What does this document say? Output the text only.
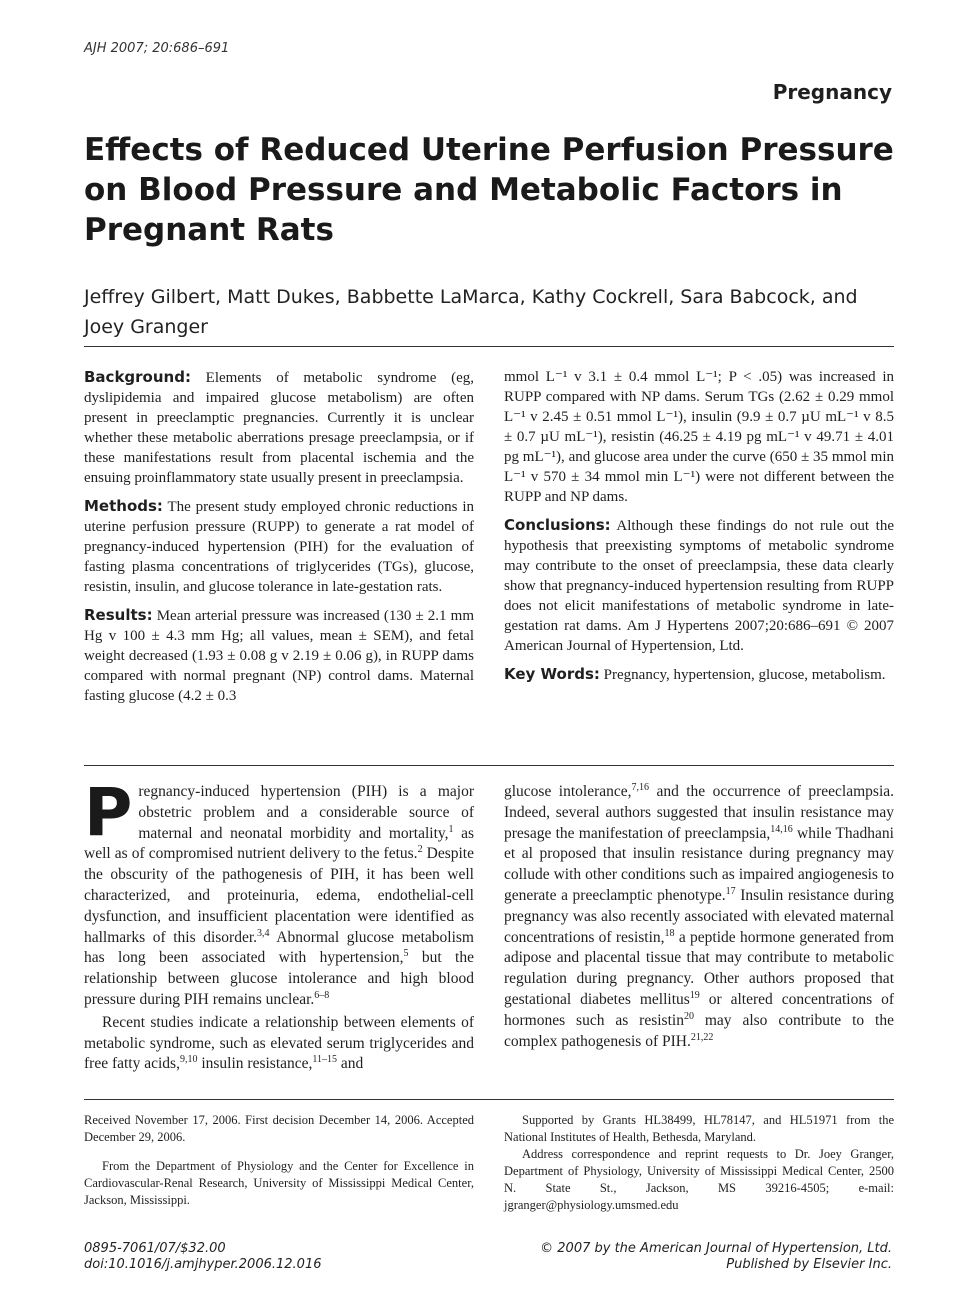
AJH 2007; 20:686–691
Pregnancy
Effects of Reduced Uterine Perfusion Pressure on Blood Pressure and Metabolic Factors in Pregnant Rats
Jeffrey Gilbert, Matt Dukes, Babbette LaMarca, Kathy Cockrell, Sara Babcock, and Joey Granger

Background: Elements of metabolic syndrome (eg, dyslipidemia and impaired glucose metabolism) are often present in preeclamptic pregnancies. Currently it is unclear whether these metabolic aberrations presage preeclampsia, or if these manifestations result from placental ischemia and the ensuing proinflammatory state usually present in preeclampsia.

Methods: The present study employed chronic reductions in uterine perfusion pressure (RUPP) to generate a rat model of pregnancy-induced hypertension (PIH) for the evaluation of fasting plasma concentrations of triglycerides (TGs), glucose, resistin, insulin, and glucose tolerance in late-gestation rats.

Results: Mean arterial pressure was increased (130 ± 2.1 mm Hg v 100 ± 4.3 mm Hg; all values, mean ± SEM), and fetal weight decreased (1.93 ± 0.08 g v 2.19 ± 0.06 g), in RUPP dams compared with normal pregnant (NP) control dams. Maternal fasting glucose (4.2 ± 0.3

mmol L⁻¹ v 3.1 ± 0.4 mmol L⁻¹; P < .05) was increased in RUPP compared with NP dams. Serum TGs (2.62 ± 0.29 mmol L⁻¹ v 2.45 ± 0.51 mmol L⁻¹), insulin (9.9 ± 0.7 µU mL⁻¹ v 8.5 ± 0.7 µU mL⁻¹), resistin (46.25 ± 4.19 pg mL⁻¹ v 49.71 ± 4.01 pg mL⁻¹), and glucose area under the curve (650 ± 35 mmol min L⁻¹ v 570 ± 34 mmol min L⁻¹) were not different between the RUPP and NP dams.

Conclusions: Although these findings do not rule out the hypothesis that preexisting symptoms of metabolic syndrome may contribute to the onset of preeclampsia, these data clearly show that pregnancy-induced hypertension resulting from RUPP does not elicit manifestations of metabolic syndrome in late-gestation rat dams. Am J Hypertens 2007;20:686–691 © 2007 American Journal of Hypertension, Ltd.

Key Words: Pregnancy, hypertension, glucose, metabolism.

Pregnancy-induced hypertension (PIH) is a major obstetric problem and a considerable source of maternal and neonatal morbidity and mortality,$^1$ as well as of compromised nutrient delivery to the fetus.$^2$ Despite the obscurity of the pathogenesis of PIH, it has been well characterized, and proteinuria, edema, endothelial-cell dysfunction, and insufficient placentation were identified as hallmarks of this disorder.$^{3,4}$ Abnormal glucose metabolism has long been associated with hypertension,$^5$ but the relationship between glucose intolerance and high blood pressure during PIH remains unclear.$^{6-8}$

Recent studies indicate a relationship between elements of metabolic syndrome, such as elevated serum triglycerides and free fatty acids,$^{9,10}$ insulin resistance,$^{11-15}$ and

glucose intolerance,$^{7,16}$ and the occurrence of preeclampsia. Indeed, several authors suggested that insulin resistance may presage the manifestation of preeclampsia,$^{14,16}$ while Thadhani et al proposed that insulin resistance during pregnancy may collude with other conditions such as impaired angiogenesis to generate a preeclamptic phenotype.$^{17}$ Insulin resistance during pregnancy was also recently associated with elevated maternal concentrations of resistin,$^{18}$ a peptide hormone generated from adipose and placental tissue that may contribute to metabolic regulation during pregnancy. Other authors proposed that gestational diabetes mellitus$^{19}$ or altered concentrations of hormones such as resistin$^{20}$ may also contribute to the complex pathogenesis of PIH.$^{21,22}$

Received November 17, 2006. First decision December 14, 2006. Accepted December 29, 2006.

From the Department of Physiology and the Center for Excellence in Cardiovascular-Renal Research, University of Mississippi Medical Center, Jackson, Mississippi.

Supported by Grants HL38499, HL78147, and HL51971 from the National Institutes of Health, Bethesda, Maryland.

Address correspondence and reprint requests to Dr. Joey Granger, Department of Physiology, University of Mississippi Medical Center, 2500 N. State St., Jackson, MS 39216-4505; e-mail: jgranger@physiology.umsmed.edu

0895-7061/07/$32.00
doi:10.1016/j.amjhyper.2006.12.016
© 2007 by the American Journal of Hypertension, Ltd.
Published by Elsevier Inc.
